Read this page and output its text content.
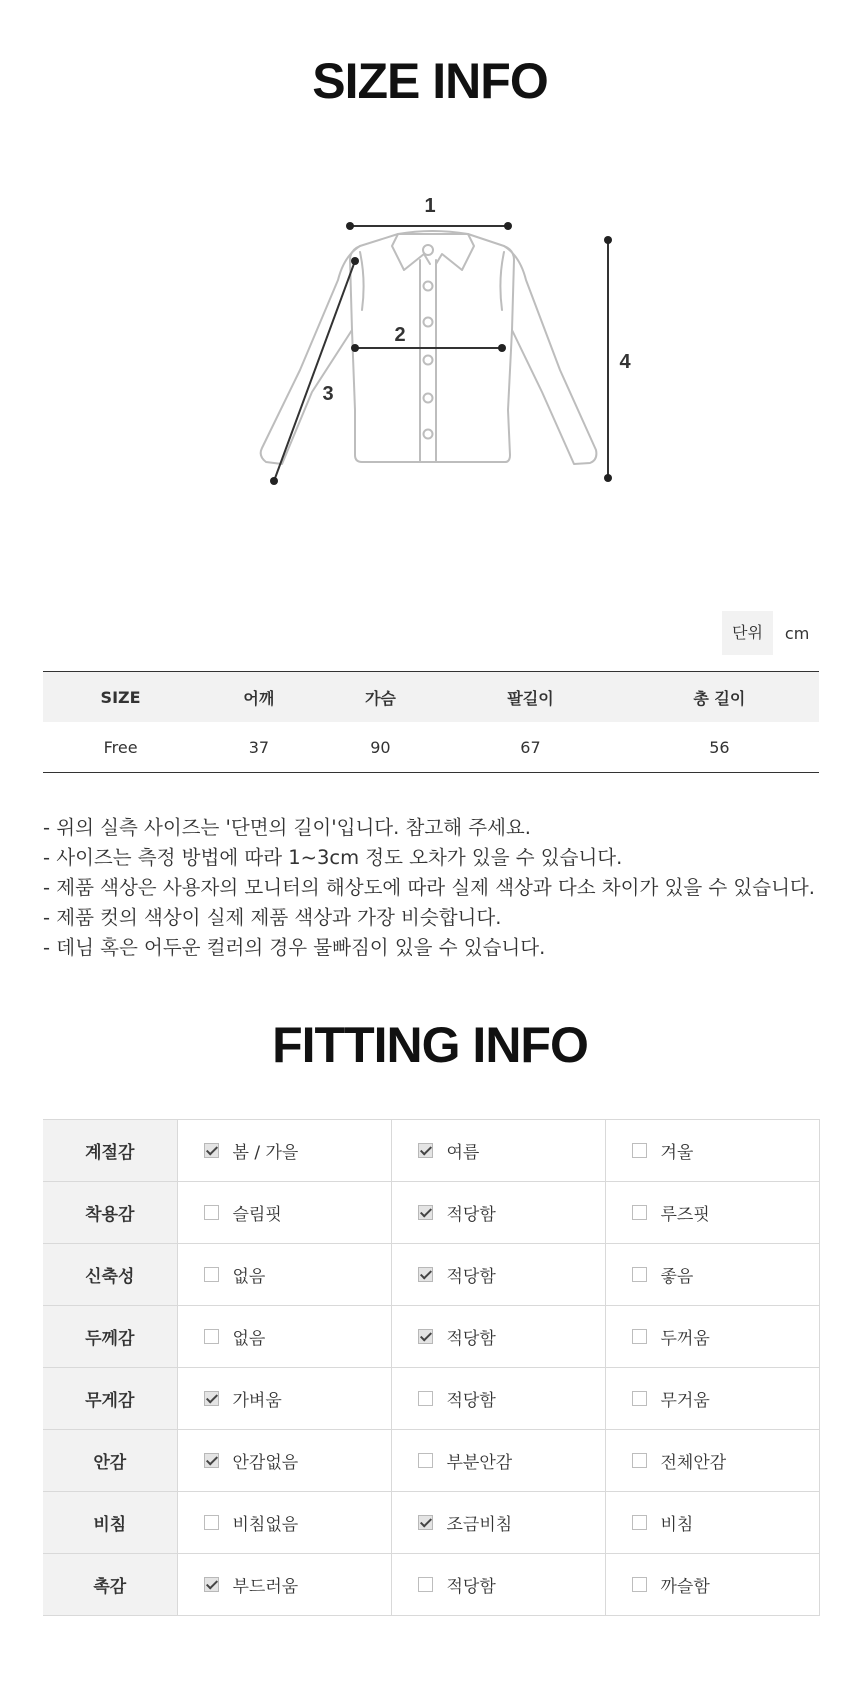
SIZE INFO
1
2
3
4
단위	cm
SIZE	어깨	가슴	팔길이	총 길이
Free	37	90	67	56
- 위의 실측 사이즈는 '단면의 길이'입니다. 참고해 주세요.
- 사이즈는 측정 방법에 따라 1~3cm 정도 오차가 있을 수 있습니다.
- 제품 색상은 사용자의 모니터의 해상도에 따라 실제 색상과 다소 차이가 있을 수 있습니다.
- 제품 컷의 색상이 실제 제품 색상과 가장 비슷합니다.
- 데님 혹은 어두운 컬러의 경우 물빠짐이 있을 수 있습니다.
FITTING INFO
계절감	봄 / 가을	여름	겨울

착용감	슬림핏	적당함	루즈핏

신축성	없음	적당함	좋음

두께감	없음	적당함	두꺼움

무게감	가벼움	적당함	무거움

안감	안감없음	부분안감	전체안감

비침	비침없음	조금비침	비침

촉감	부드러움	적당함	까슬함
